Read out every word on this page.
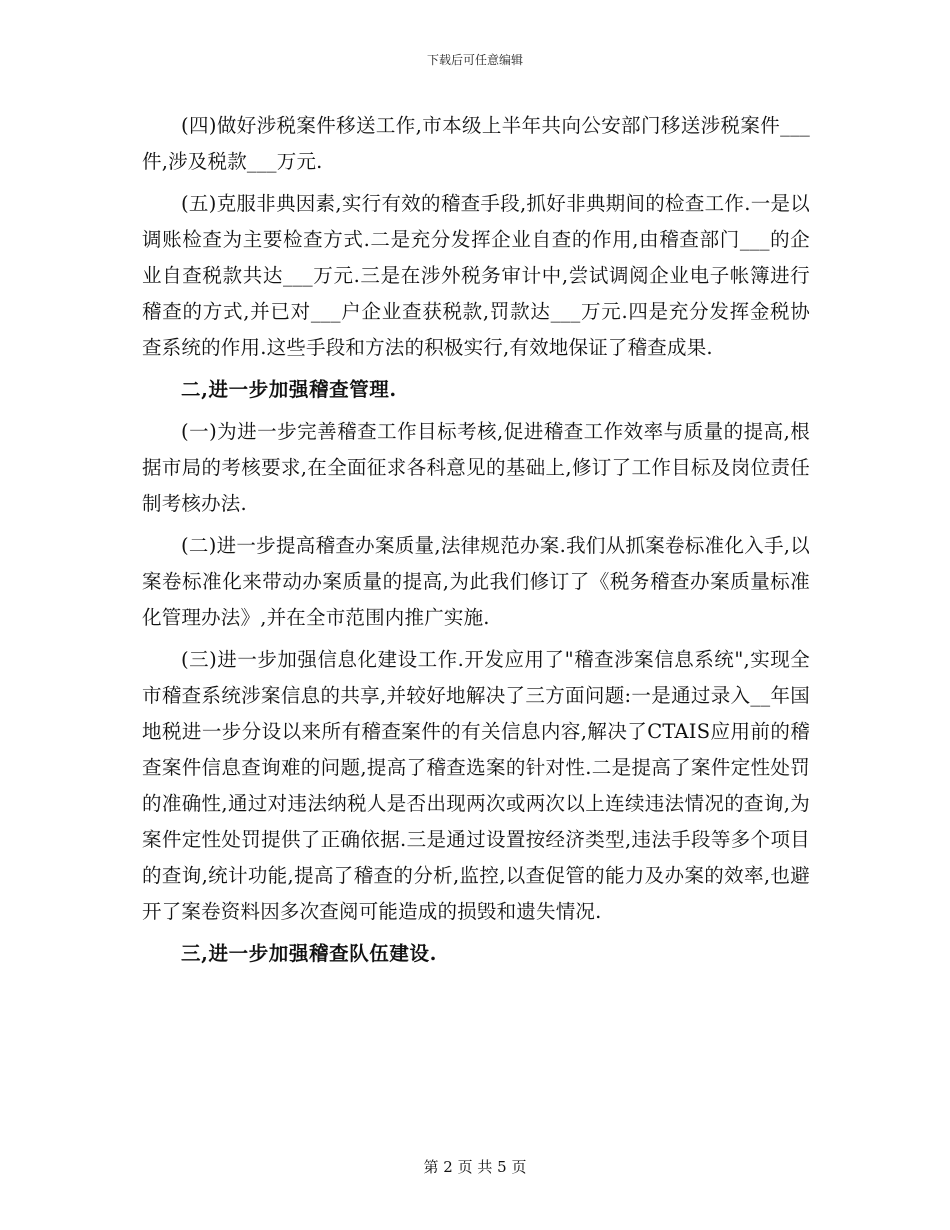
下载后可任意编辑

(四)做好涉税案件移送工作,市本级上半年共向公安部门移送涉税案件___件,涉及税款___万元.

(五)克服非典因素,实行有效的稽查手段,抓好非典期间的检查工作.一是以调账检查为主要检查方式.二是充分发挥企业自查的作用,由稽查部门___的企业自查税款共达___万元.三是在涉外税务审计中,尝试调阅企业电子帐簿进行稽查的方式,并已对___户企业查获税款,罚款达___万元.四是充分发挥金税协查系统的作用.这些手段和方法的积极实行,有效地保证了稽查成果.

二,进一步加强稽查管理.

(一)为进一步完善稽查工作目标考核,促进稽查工作效率与质量的提高,根据市局的考核要求,在全面征求各科意见的基础上,修订了工作目标及岗位责任制考核办法.

(二)进一步提高稽查办案质量,法律规范办案.我们从抓案卷标准化入手,以案卷标准化来带动办案质量的提高,为此我们修订了《税务稽查办案质量标准化管理办法》,并在全市范围内推广实施.

(三)进一步加强信息化建设工作.开发应用了"稽查涉案信息系统",实现全市稽查系统涉案信息的共享,并较好地解决了三方面问题:一是通过录入__年国地税进一步分设以来所有稽查案件的有关信息内容,解决了CTAIS应用前的稽查案件信息查询难的问题,提高了稽查选案的针对性.二是提高了案件定性处罚的准确性,通过对违法纳税人是否出现两次或两次以上连续违法情况的查询,为案件定性处罚提供了正确依据.三是通过设置按经济类型,违法手段等多个项目的查询,统计功能,提高了稽查的分析,监控,以查促管的能力及办案的效率,也避开了案卷资料因多次查阅可能造成的损毁和遗失情况.

三,进一步加强稽查队伍建设.
第 2 页 共 5 页
